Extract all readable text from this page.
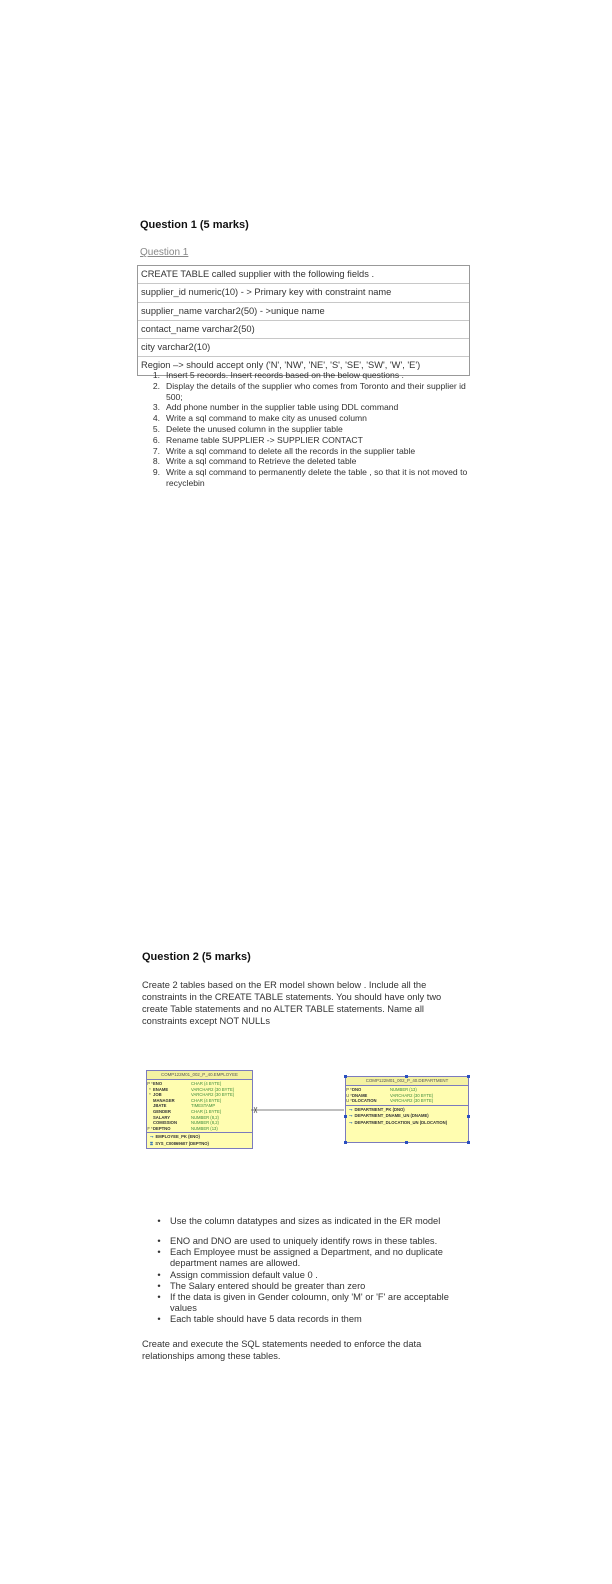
Question 1 (5 marks)
Question 1
CREATE TABLE called supplier with the following fields .
supplier_id numeric(10) - > Primary key with constraint name
supplier_name varchar2(50) - >unique name
contact_name varchar2(50)
city varchar2(10)
Region –> should accept only ('N', 'NW', 'NE', 'S', 'SE', 'SW', 'W', 'E')
1. Insert 5 records. Insert records based on the below questions .
2. Display the details of the supplier who comes from Toronto and their supplier id 500;
3. Add phone number in the supplier table using DDL command
4. Write a sql command to make city as unused column
5. Delete the unused column in the supplier table
6. Rename table SUPPLIER -> SUPPLIER CONTACT
7. Write a sql command to delete all the records in the supplier table
8. Write a sql command to Retrieve the deleted table
9. Write a sql command to permanently delete the table , so that it is not moved to recyclebin
Question 2 (5 marks)
Create 2 tables based on the ER model shown below . Include all the constraints in the CREATE TABLE statements. You should have only two create Table statements and no ALTER TABLE statements. Name all constraints except NOT NULLs
COMP122M01_002_P_40.EMPLOYEE
P * ENO	CHAR (4 BYTE)
* ENAME	VARCHAR2 (30 BYTE)
* JOB	VARCHAR2 (30 BYTE)
MANAGER	CHAR (4 BYTE)
JBATE	TIMESTAMP
GENDER	CHAR (1 BYTE)
SALARY	NUMBER (8,2)
COMISSION	NUMBER (8,2)
F * DEPTNO	NUMBER (13)
⊸ EMPLOYEE_PK (ENO)
⚿ SYS_C00869607 (DEPTNO)
COMP122M01_002_P_40.DEPARTMENT
P * DNO	NUMBER (13)
U * DNAME	VARCHAR2 (30 BYTE)
U * DLOCATION	VARCHAR2 (30 BYTE)
⊸ DEPARTMENT_PK (DNO)
⊸ DEPARTMENT_DNAME_UN (DNAME)
⊸ DEPARTMENT_DLOCATION_UN (DLOCATION)
•	Use the column datatypes and sizes as indicated in the ER model
•	ENO and DNO are used to uniquely identify rows in these tables.
•	Each Employee must be assigned a Department, and no duplicate department names are allowed.
•	Assign commission default value 0 .
•	The Salary entered should be greater than zero
•	If the data is given in Gender coloumn, only 'M' or 'F' are acceptable values
•	Each table should have 5 data records in them
Create and execute the SQL statements needed to enforce the data relationships among these tables.
